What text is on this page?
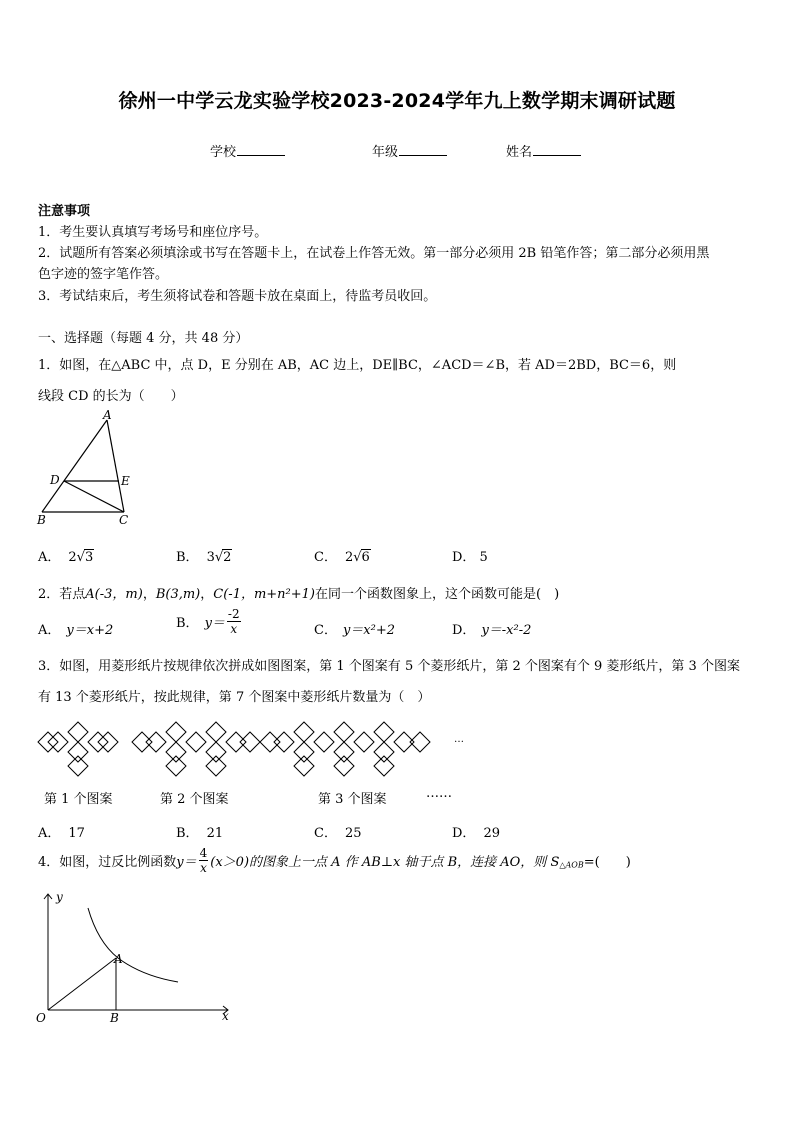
徐州一中学云龙实验学校2023-2024学年九上数学期末调研试题
学校	年级	姓名
注意事项
1．考生要认真填写考场号和座位序号。
2．试题所有答案必须填涂或书写在答题卡上，在试卷上作答无效。第一部分必须用 2B 铅笔作答；第二部分必须用黑
色字迹的签字笔作答。
3．考试结束后，考生须将试卷和答题卡放在桌面上，待监考员收回。
一、选择题（每题 4 分，共 48 分）
1．如图，在△ABC 中，点 D，E 分别在 AB，AC 边上，DE∥BC，∠ACD＝∠B，若 AD＝2BD，BC＝6，则
线段 CD 的长为（　　）
A
D	E
B	C
A． 2√3	B． 3√2	C． 2√6	D． 5
2．若点A(-3，m)，B(3,m)，C(-1，m+n²+1)在同一个函数图象上，这个函数可能是(　)
A． y＝x+2	B． $y= \frac{-2}{x}$	C． y＝x²+2	D． y＝-x²-2
3．如图，用菱形纸片按规律依次拼成如图图案，第 1 个图案有 5 个菱形纸片，第 2 个图案有个 9 菱形纸片，第 3 个图案
有 13 个菱形纸片，按此规律，第 7 个图案中菱形纸片数量为（　）
…
第 1 个图案	第 2 个图案	第 3 个图案	……
A． 17	B． 21	C． 25	D． 29
4．如图，过反比例函数$y= \frac{4}{x} (x>0)$的图象上一点 A 作 AB⊥x 轴于点 B，连接 AO，则 $S_{\triangle AOB}=$(　　)
y
x
O
A
B
